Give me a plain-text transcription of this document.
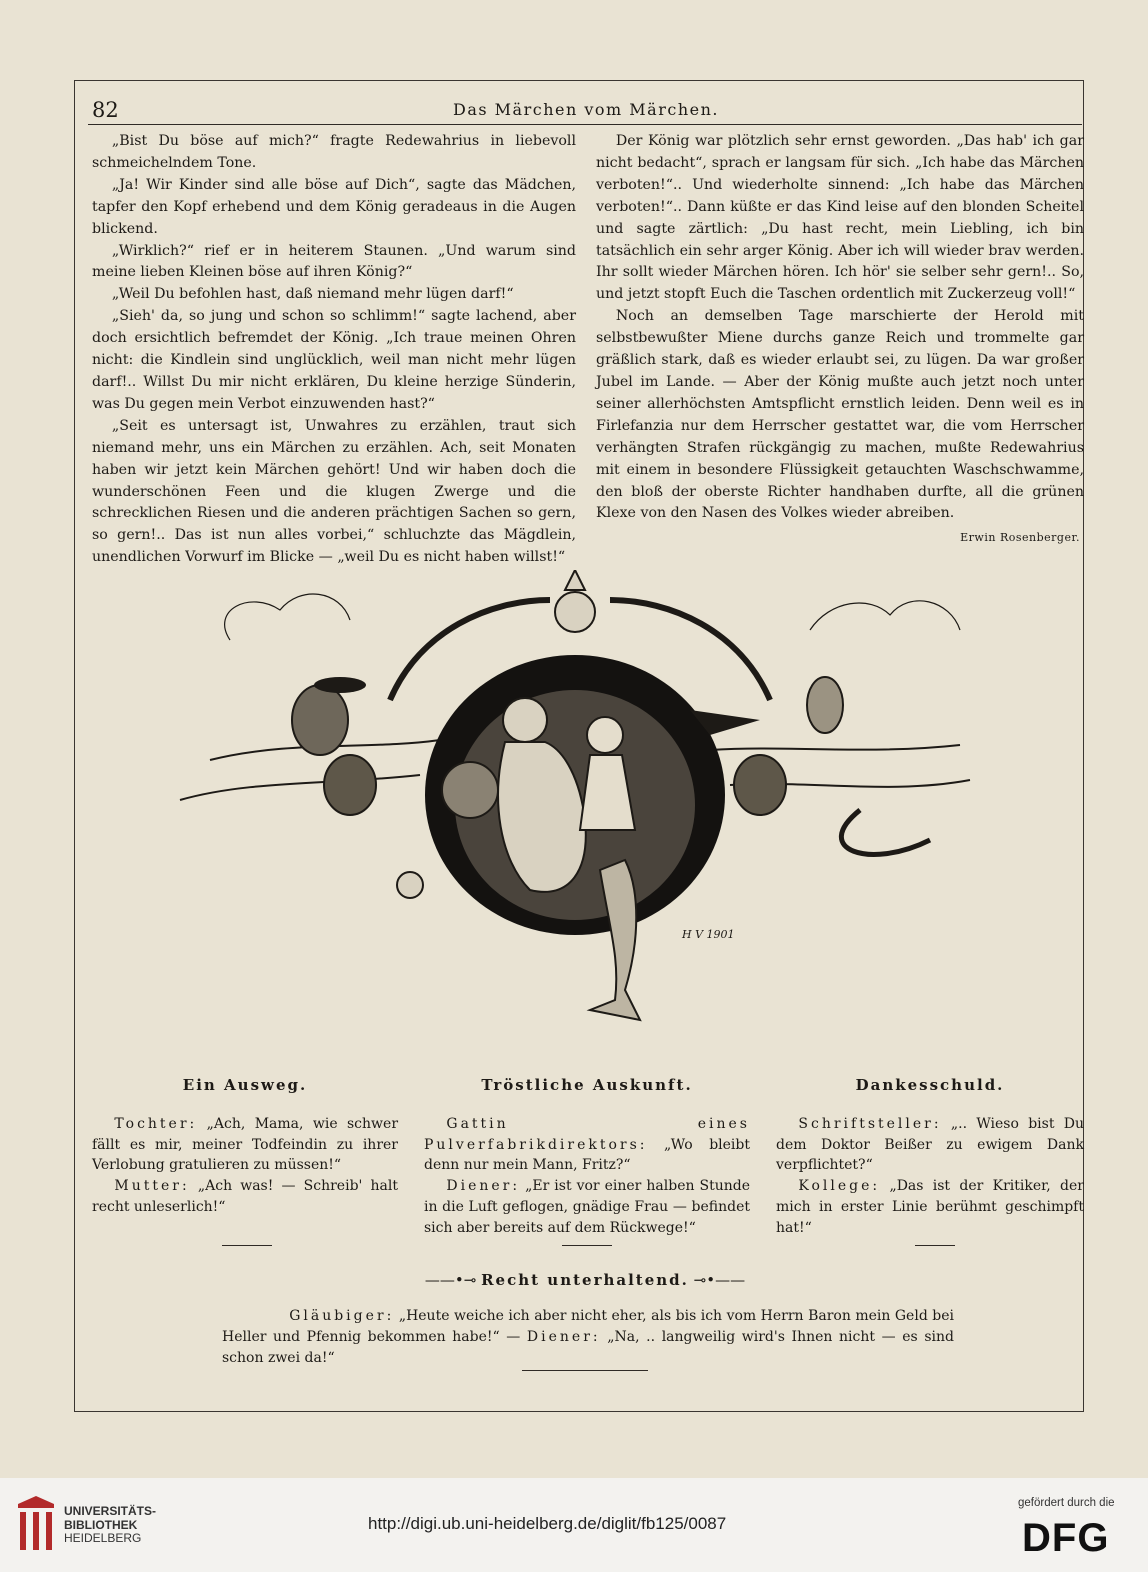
82	Das Märchen vom Märchen.

„Bist Du böse auf mich?“ fragte Redewahrius in liebevoll schmeichelndem Tone.

„Ja! Wir Kinder sind alle böse auf Dich“, sagte das Mädchen, tapfer den Kopf erhebend und dem König geradeaus in die Augen blickend.

„Wirklich?“ rief er in heiterem Staunen. „Und warum sind meine lieben Kleinen böse auf ihren König?“

„Weil Du befohlen hast, daß niemand mehr lügen darf!“

„Sieh' da, so jung und schon so schlimm!“ sagte lachend, aber doch ersichtlich befremdet der König. „Ich traue meinen Ohren nicht: die Kindlein sind unglücklich, weil man nicht mehr lügen darf!.. Willst Du mir nicht erklären, Du kleine herzige Sünderin, was Du gegen mein Verbot einzuwenden hast?“

„Seit es untersagt ist, Unwahres zu erzählen, traut sich niemand mehr, uns ein Märchen zu erzählen. Ach, seit Monaten haben wir jetzt kein Märchen gehört! Und wir haben doch die wunderschönen Feen und die klugen Zwerge und die schrecklichen Riesen und die anderen prächtigen Sachen so gern, so gern!.. Das ist nun alles vorbei,“ schluchzte das Mägdlein, unendlichen Vorwurf im Blicke — „weil Du es nicht haben willst!“

Der König war plötzlich sehr ernst geworden. „Das hab' ich gar nicht bedacht“, sprach er langsam für sich. „Ich habe das Märchen verboten!“.. Und wiederholte sinnend: „Ich habe das Märchen verboten!“.. Dann küßte er das Kind leise auf den blonden Scheitel und sagte zärtlich: „Du hast recht, mein Liebling, ich bin tatsächlich ein sehr arger König. Aber ich will wieder brav werden. Ihr sollt wieder Märchen hören. Ich hör' sie selber sehr gern!.. So, und jetzt stopft Euch die Taschen ordentlich mit Zuckerzeug voll!“

Noch an demselben Tage marschierte der Herold mit selbstbewußter Miene durchs ganze Reich und trommelte gar gräßlich stark, daß es wieder erlaubt sei, zu lügen. Da war großer Jubel im Lande. — Aber der König mußte auch jetzt noch unter seiner allerhöchsten Amtspflicht ernstlich leiden. Denn weil es in Firlefanzia nur dem Herrscher gestattet war, die vom Herrscher verhängten Strafen rückgängig zu machen, mußte Redewahrius mit einem in besondere Flüssigkeit getauchten Waschschwamme, den bloß der oberste Richter handhaben durfte, all die grünen Klexe von den Nasen des Volkes wieder abreiben.

Erwin Rosenberger.
H V 1901
Ein Ausweg.

Tochter: „Ach, Mama, wie schwer fällt es mir, meiner Todfeindin zu ihrer Verlobung gratulieren zu müssen!“

Mutter: „Ach was! — Schreib' halt recht unleserlich!“

Tröstliche Auskunft.

Gattin eines Pulverfabrikdirektors: „Wo bleibt denn nur mein Mann, Fritz?“

Diener: „Er ist vor einer halben Stunde in die Luft geflogen, gnädige Frau — befindet sich aber bereits auf dem Rückwege!“

Dankesschuld.

Schriftsteller: „.. Wieso bist Du dem Doktor Beißer zu ewigem Dank verpflichtet?“

Kollege: „Das ist der Kritiker, der mich in erster Linie berühmt geschimpft hat!“

——•⊸ Recht unterhaltend. ⊸•——

Gläubiger: „Heute weiche ich aber nicht eher, als bis ich vom Herrn Baron mein Geld bei Heller und Pfennig bekommen habe!“ — Diener: „Na, .. langweilig wird's Ihnen nicht — es sind schon zwei da!“

UNIVERSITÄTS-
BIBLIOTHEK
HEIDELBERG
http://digi.ub.uni-heidelberg.de/diglit/fb125/0087
gefördert durch die
DFG
